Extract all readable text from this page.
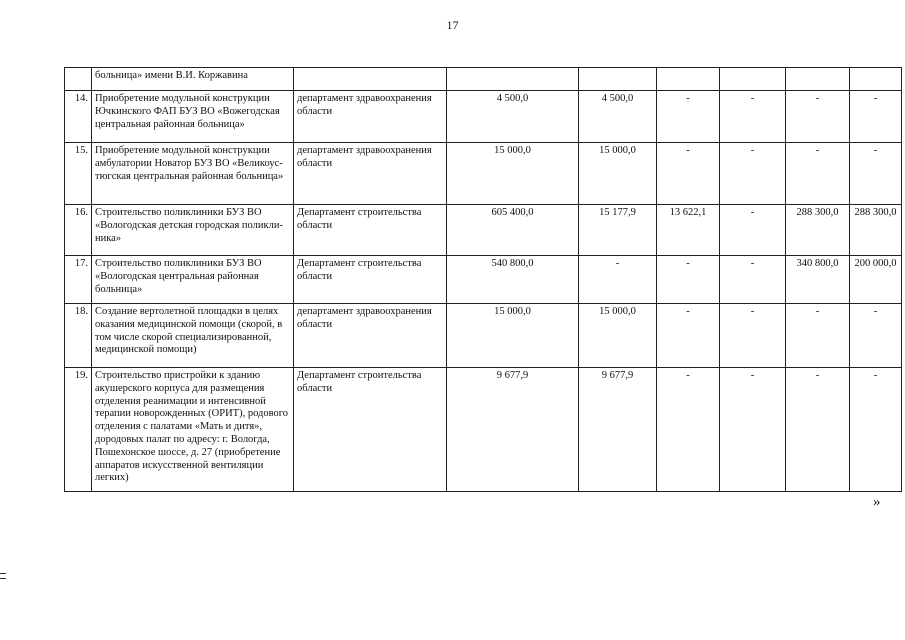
17
	больница» имени В.И. Коржавина							
14.	Приобретение модульной конструкции Ючкинского ФАП БУЗ ВО «Вожегодская центральная районная больница»	департамент здравоохранения области	4 500,0	4 500,0	-	-	-	-
15.	Приобретение модульной конструкции амбулатории Новатор БУЗ ВО «Великоус-тюгская центральная районная больница»	департамент здравоохранения области	15 000,0	15 000,0	-	-	-	-
16.	Строительство поликлиники БУЗ ВО «Вологодская детская городская поликли-ника»	Департамент строительства области	605 400,0	15 177,9	13 622,1	-	288 300,0	288 300,0
17.	Строительство поликлиники БУЗ ВО «Вологодская центральная районная больница»	Департамент строительства области	540 800,0	-	-	-	340 800,0	200 000,0
18.	Создание вертолетной площадки в целях оказания медицинской помощи (скорой, в том числе скорой специализированной, медицинской помощи)	департамент здравоохранения области	15 000,0	15 000,0	-	-	-	-
19.	Строительство пристройки к зданию акушерского корпуса для размещения отделения реанимации и интенсивной терапии новорожденных (ОРИТ), родового отделения с палатами «Мать и дитя», дородовых палат по адресу: г. Вологда, Пошехонское шоссе, д. 27 (приобретение аппаратов искусственной вентиляции легких)	Департамент строительства области	9 677,9	9 677,9	-	-	-	-
»
